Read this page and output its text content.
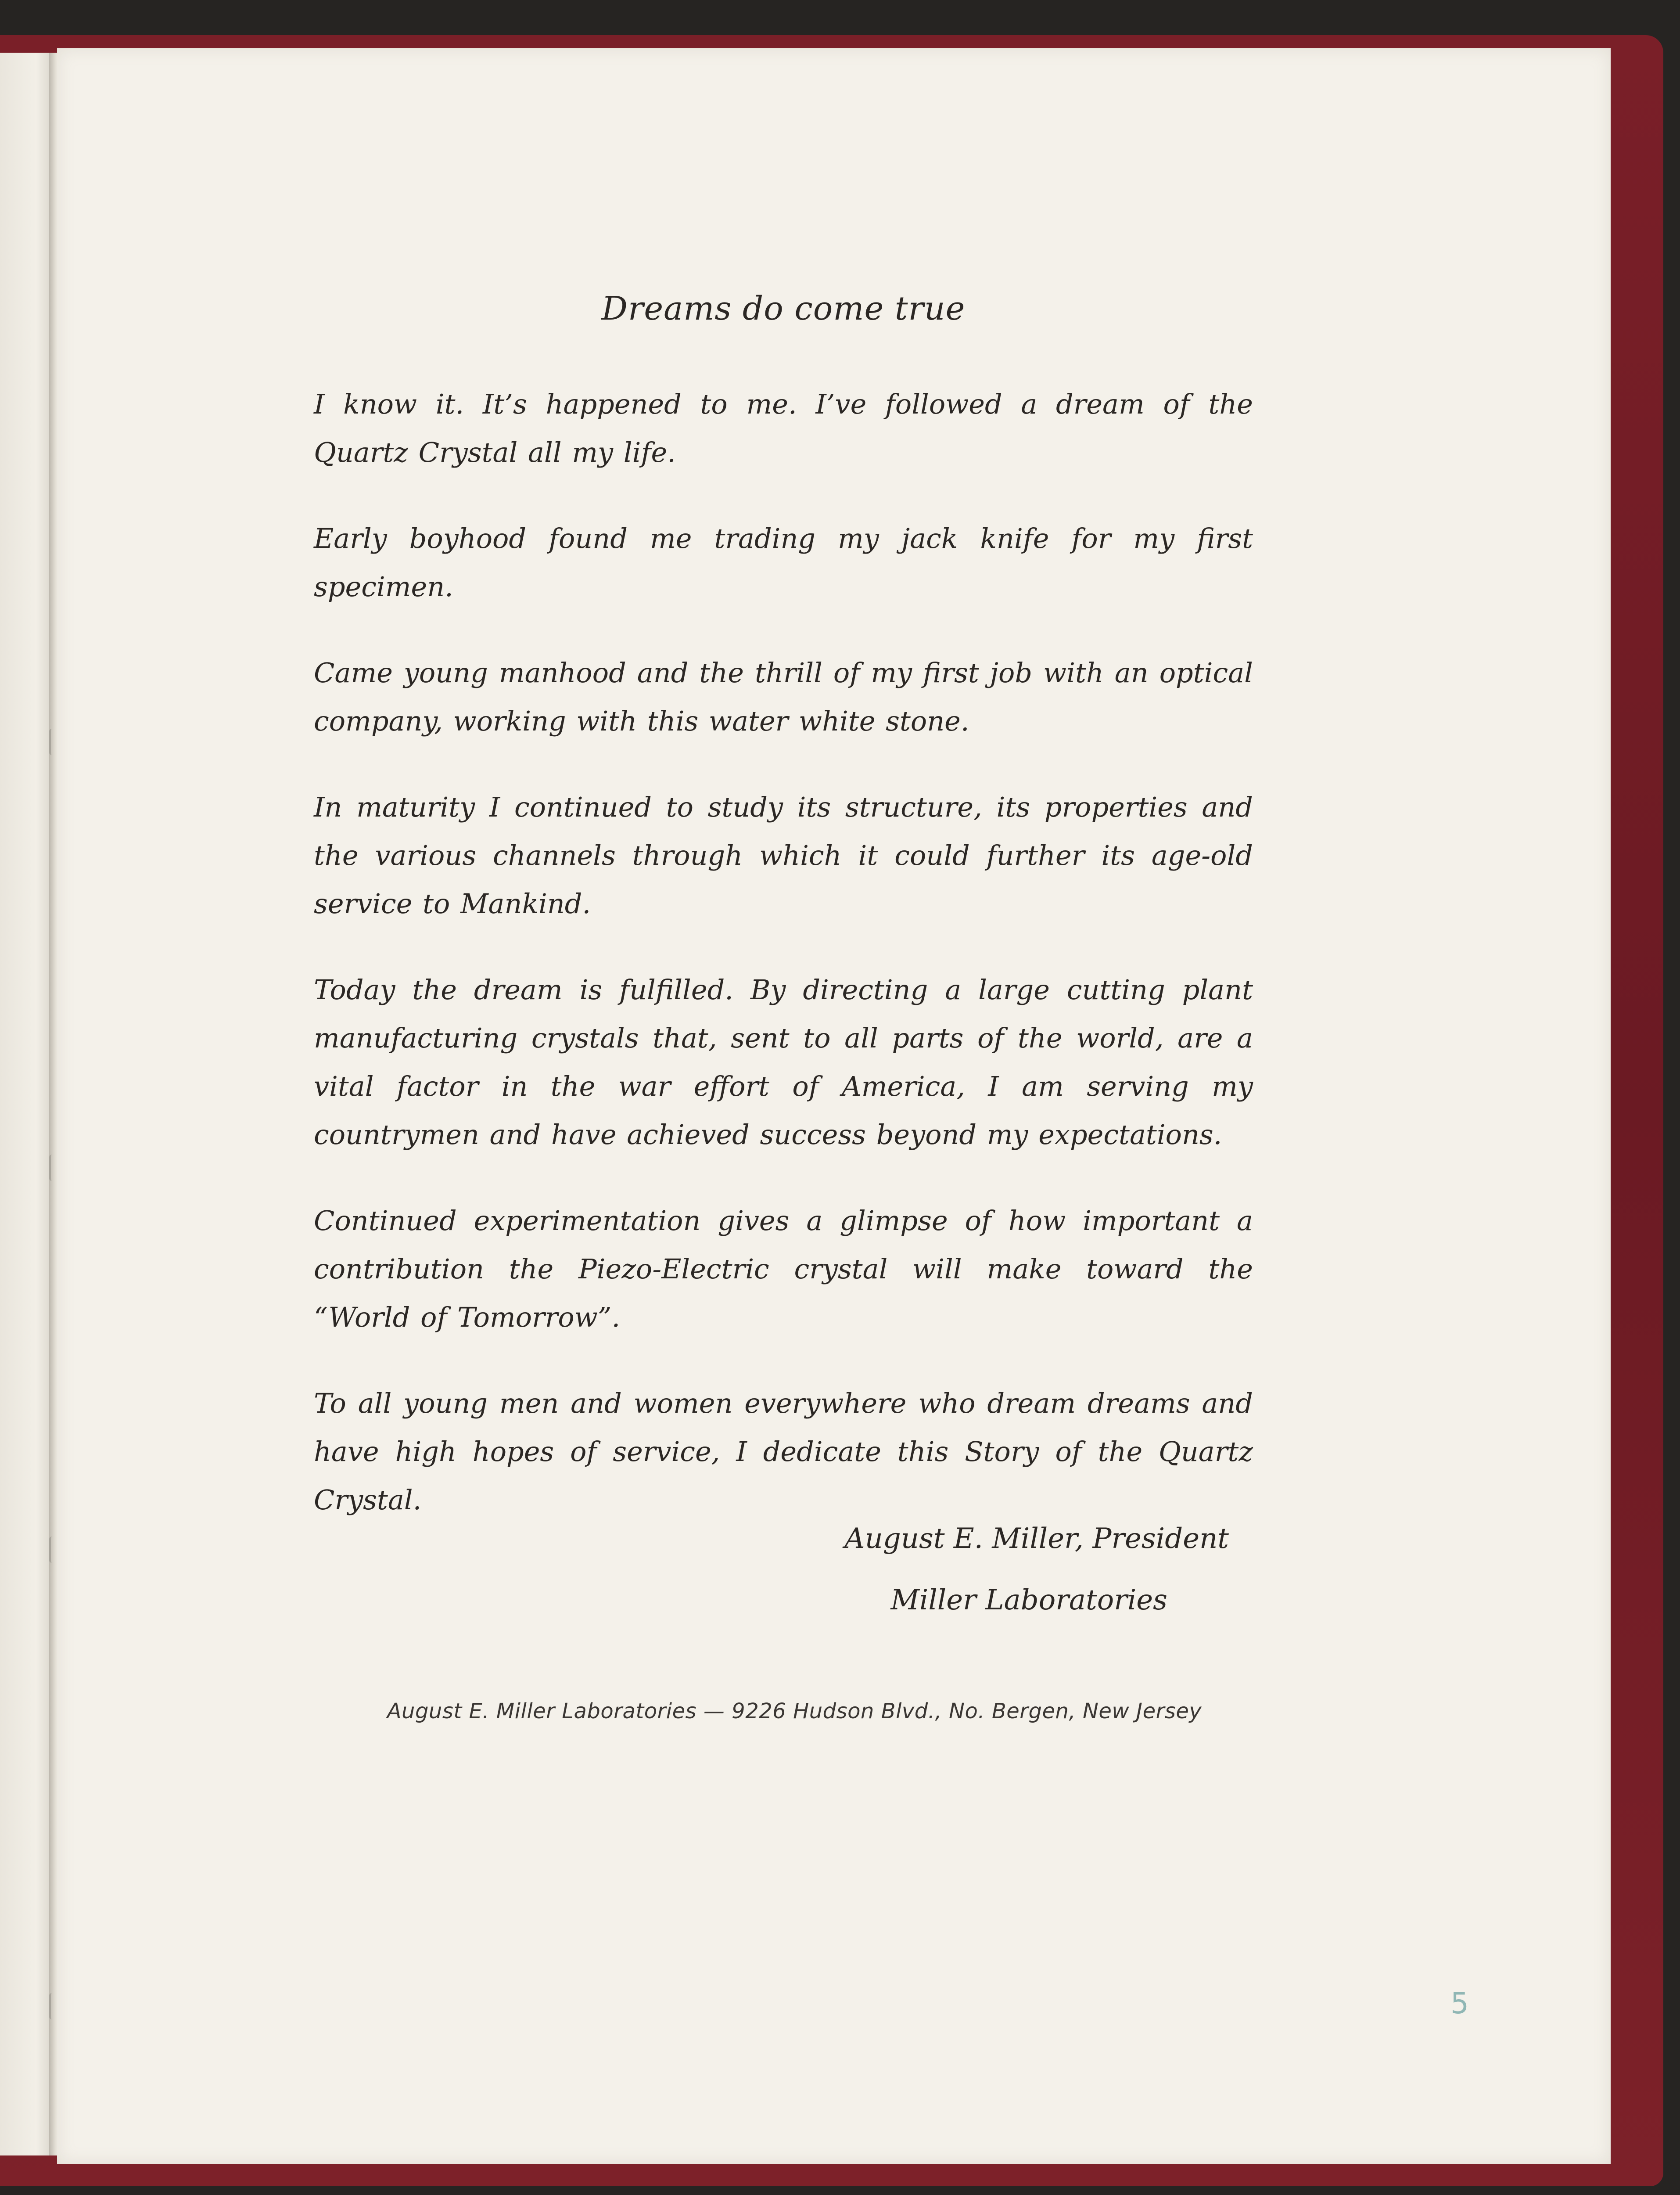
Dreams do come true

I know it. It’s happened to me. I’ve followed a dream of the Quartz Crystal all my life.

Early boyhood found me trading my jack knife for my first specimen.

Came young manhood and the thrill of my first job with an optical company, working with this water white stone.

In maturity I continued to study its structure, its properties and the various channels through which it could further its age-old service to Mankind.

Today the dream is fulfilled. By directing a large cutting plant manufacturing crystals that, sent to all parts of the world, are a vital factor in the war effort of America, I am serving my countrymen and have achieved success beyond my expectations.

Continued experimentation gives a glimpse of how important a contribution the Piezo-Electric crystal will make toward the “World of Tomorrow”.

To all young men and women everywhere who dream dreams and have high hopes of service, I dedicate this Story of the Quartz Crystal.

August E. Miller, President
Miller Laboratories
August E. Miller Laboratories — 9226 Hudson Blvd., No. Bergen, New Jersey
5
